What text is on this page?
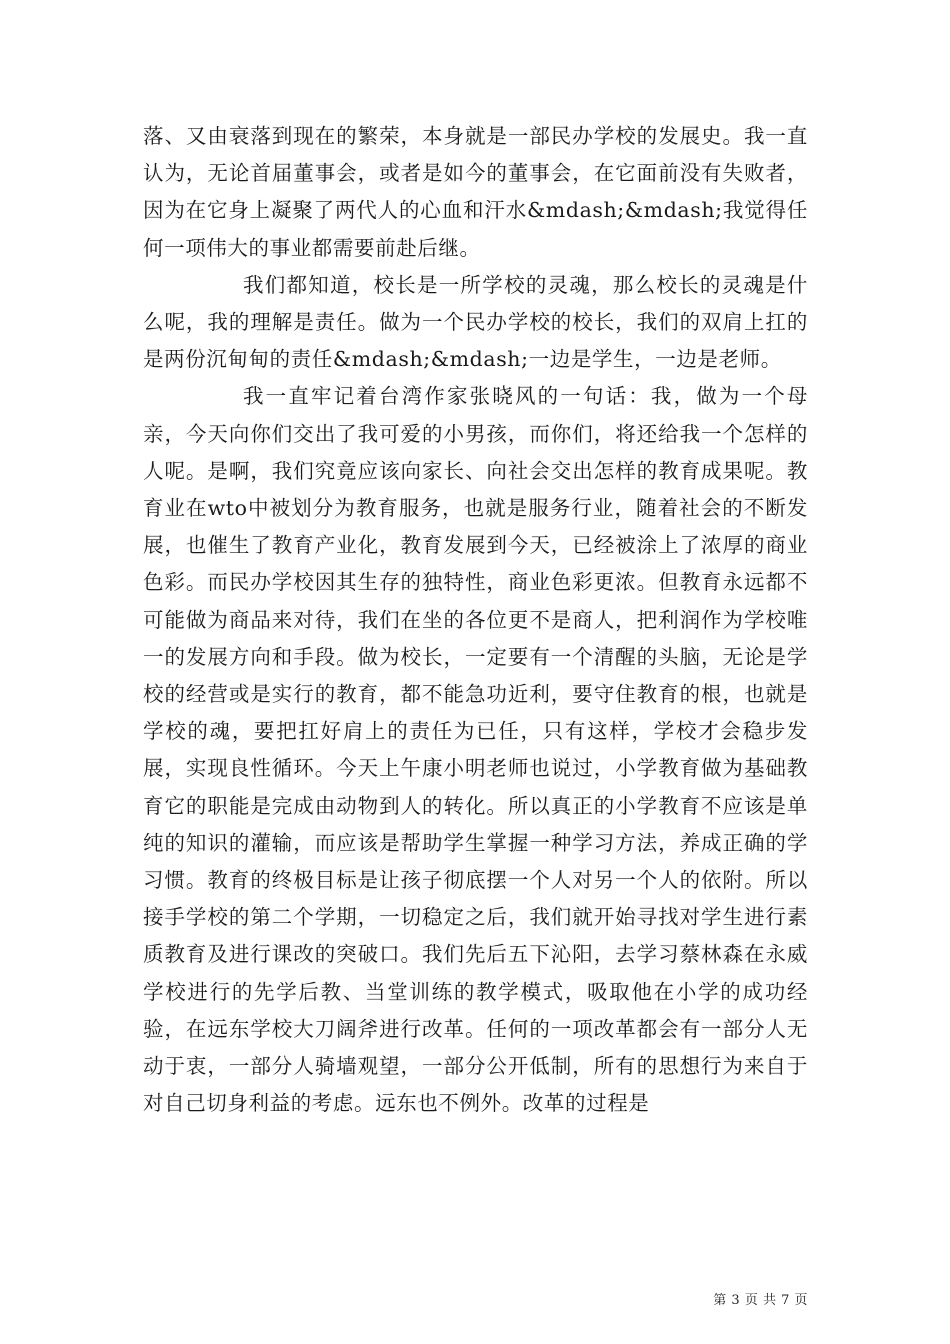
落、又由衰落到现在的繁荣，本身就是一部民办学校的发展史。我一直认为，无论首届董事会，或者是如今的董事会，在它面前没有失败者，因为在它身上凝聚了两代人的心血和汗水&mdash;&mdash;我觉得任何一项伟大的事业都需要前赴后继。

我们都知道，校长是一所学校的灵魂，那么校长的灵魂是什么呢，我的理解是责任。做为一个民办学校的校长，我们的双肩上扛的是两份沉甸甸的责任&mdash;&mdash;一边是学生，一边是老师。

我一直牢记着台湾作家张晓风的一句话：我，做为一个母亲，今天向你们交出了我可爱的小男孩，而你们，将还给我一个怎样的人呢。是啊，我们究竟应该向家长、向社会交出怎样的教育成果呢。教育业在wto中被划分为教育服务，也就是服务行业，随着社会的不断发展，也催生了教育产业化，教育发展到今天，已经被涂上了浓厚的商业色彩。而民办学校因其生存的独特性，商业色彩更浓。但教育永远都不可能做为商品来对待，我们在坐的各位更不是商人，把利润作为学校唯一的发展方向和手段。做为校长，一定要有一个清醒的头脑，无论是学校的经营或是实行的教育，都不能急功近利，要守住教育的根，也就是学校的魂，要把扛好肩上的责任为已任，只有这样，学校才会稳步发展，实现良性循环。今天上午康小明老师也说过，小学教育做为基础教育它的职能是完成由动物到人的转化。所以真正的小学教育不应该是单纯的知识的灌输，而应该是帮助学生掌握一种学习方法，养成正确的学习惯。教育的终极目标是让孩子彻底摆一个人对另一个人的依附。所以接手学校的第二个学期，一切稳定之后，我们就开始寻找对学生进行素质教育及进行课改的突破口。我们先后五下沁阳，去学习蔡林森在永威学校进行的先学后教、当堂训练的教学模式，吸取他在小学的成功经验，在远东学校大刀阔斧进行改革。任何的一项改革都会有一部分人无动于衷，一部分人骑墙观望，一部分公开低制，所有的思想行为来自于对自己切身利益的考虑。远东也不例外。改革的过程是

第 3 页 共 7 页
